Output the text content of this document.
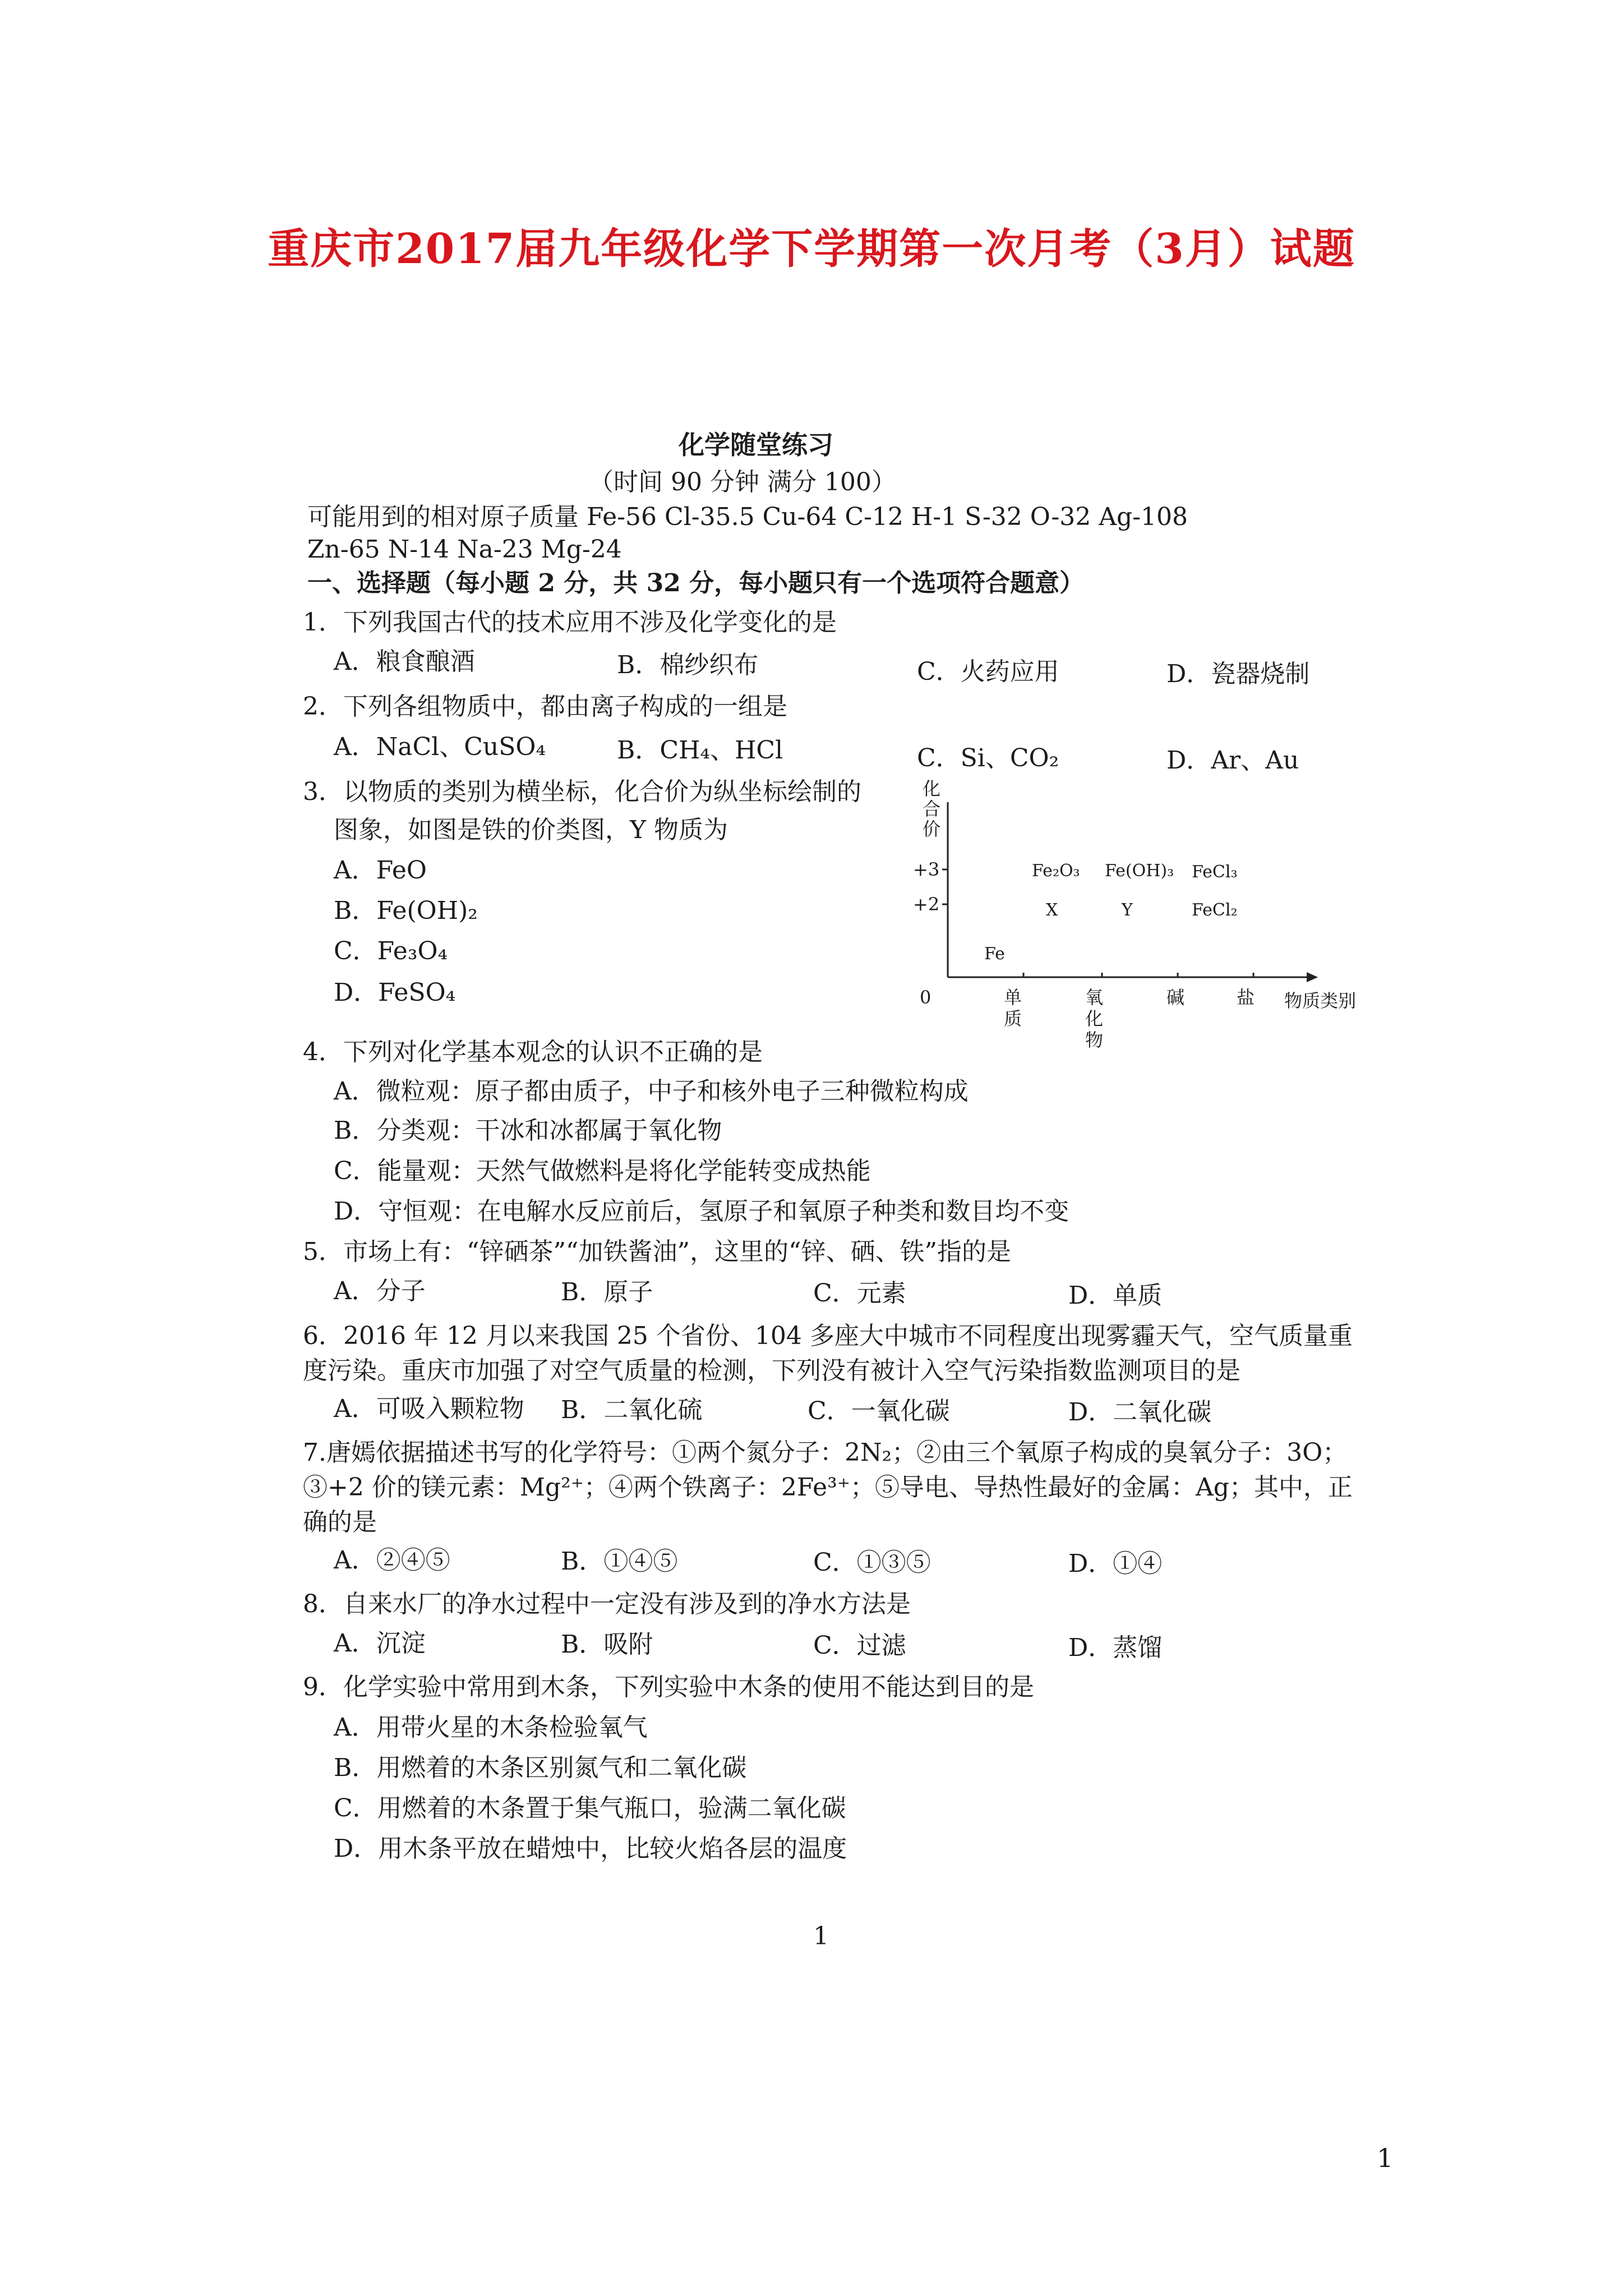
重庆市2017届九年级化学下学期第一次月考（3月）试题
化学随堂练习
（时间 90 分钟 满分 100）
可能用到的相对原子质量 Fe-56 Cl-35.5 Cu-64 C-12 H-1 S-32 O-32 Ag-108
Zn-65 N-14 Na-23 Mg-24
一、选择题（每小题 2 分，共 32 分，每小题只有一个选项符合题意）
1．下列我国古代的技术应用不涉及化学变化的是
A．粮食酿酒	B．棉纱织布	C．火药应用	D．瓷器烧制
2．下列各组物质中，都由离子构成的一组是
A．NaCl、CuSO₄	B．CH₄、HCl	C．Si、CO₂	D．Ar、Au
3．以物质的类别为横坐标，化合价为纵坐标绘制的
图象，如图是铁的价类图，Y 物质为
A．FeO
B．Fe(OH)₂
C．Fe₃O₄
D．FeSO₄
化
合
价
+3
+2
0
Fe₂O₃ Fe(OH)₃ FeCl₃
X	Y	FeCl₂
Fe
单
质
氧
化
物
碱	盐 物质类别
4．下列对化学基本观念的认识不正确的是
A．微粒观：原子都由质子，中子和核外电子三种微粒构成
B．分类观：干冰和冰都属于氧化物
C．能量观：天然气做燃料是将化学能转变成热能
D．守恒观：在电解水反应前后，氢原子和氧原子种类和数目均不变
5．市场上有：“锌硒茶”“加铁酱油”，这里的“锌、硒、铁”指的是
A．分子	B．原子	C．元素	D．单质
6．2016 年 12 月以来我国 25 个省份、104 多座大中城市不同程度出现雾霾天气，空气质量重
度污染。重庆市加强了对空气质量的检测，下列没有被计入空气污染指数监测项目的是
A．可吸入颗粒物 B．二氧化硫	C．一氧化碳	D．二氧化碳
7.唐嫣依据描述书写的化学符号：①两个氮分子：2N₂；②由三个氧原子构成的臭氧分子：3O；
③+2 价的镁元素：Mg²⁺；④两个铁离子：2Fe³⁺；⑤导电、导热性最好的金属：Ag；其中，正
确的是
A．②④⑤	B．①④⑤	C．①③⑤	D．①④
8．自来水厂的净水过程中一定没有涉及到的净水方法是
A．沉淀	B．吸附	C．过滤	D．蒸馏
9．化学实验中常用到木条，下列实验中木条的使用不能达到目的是
A．用带火星的木条检验氧气
B．用燃着的木条区别氮气和二氧化碳
C．用燃着的木条置于集气瓶口，验满二氧化碳
D．用木条平放在蜡烛中，比较火焰各层的温度
1
1
